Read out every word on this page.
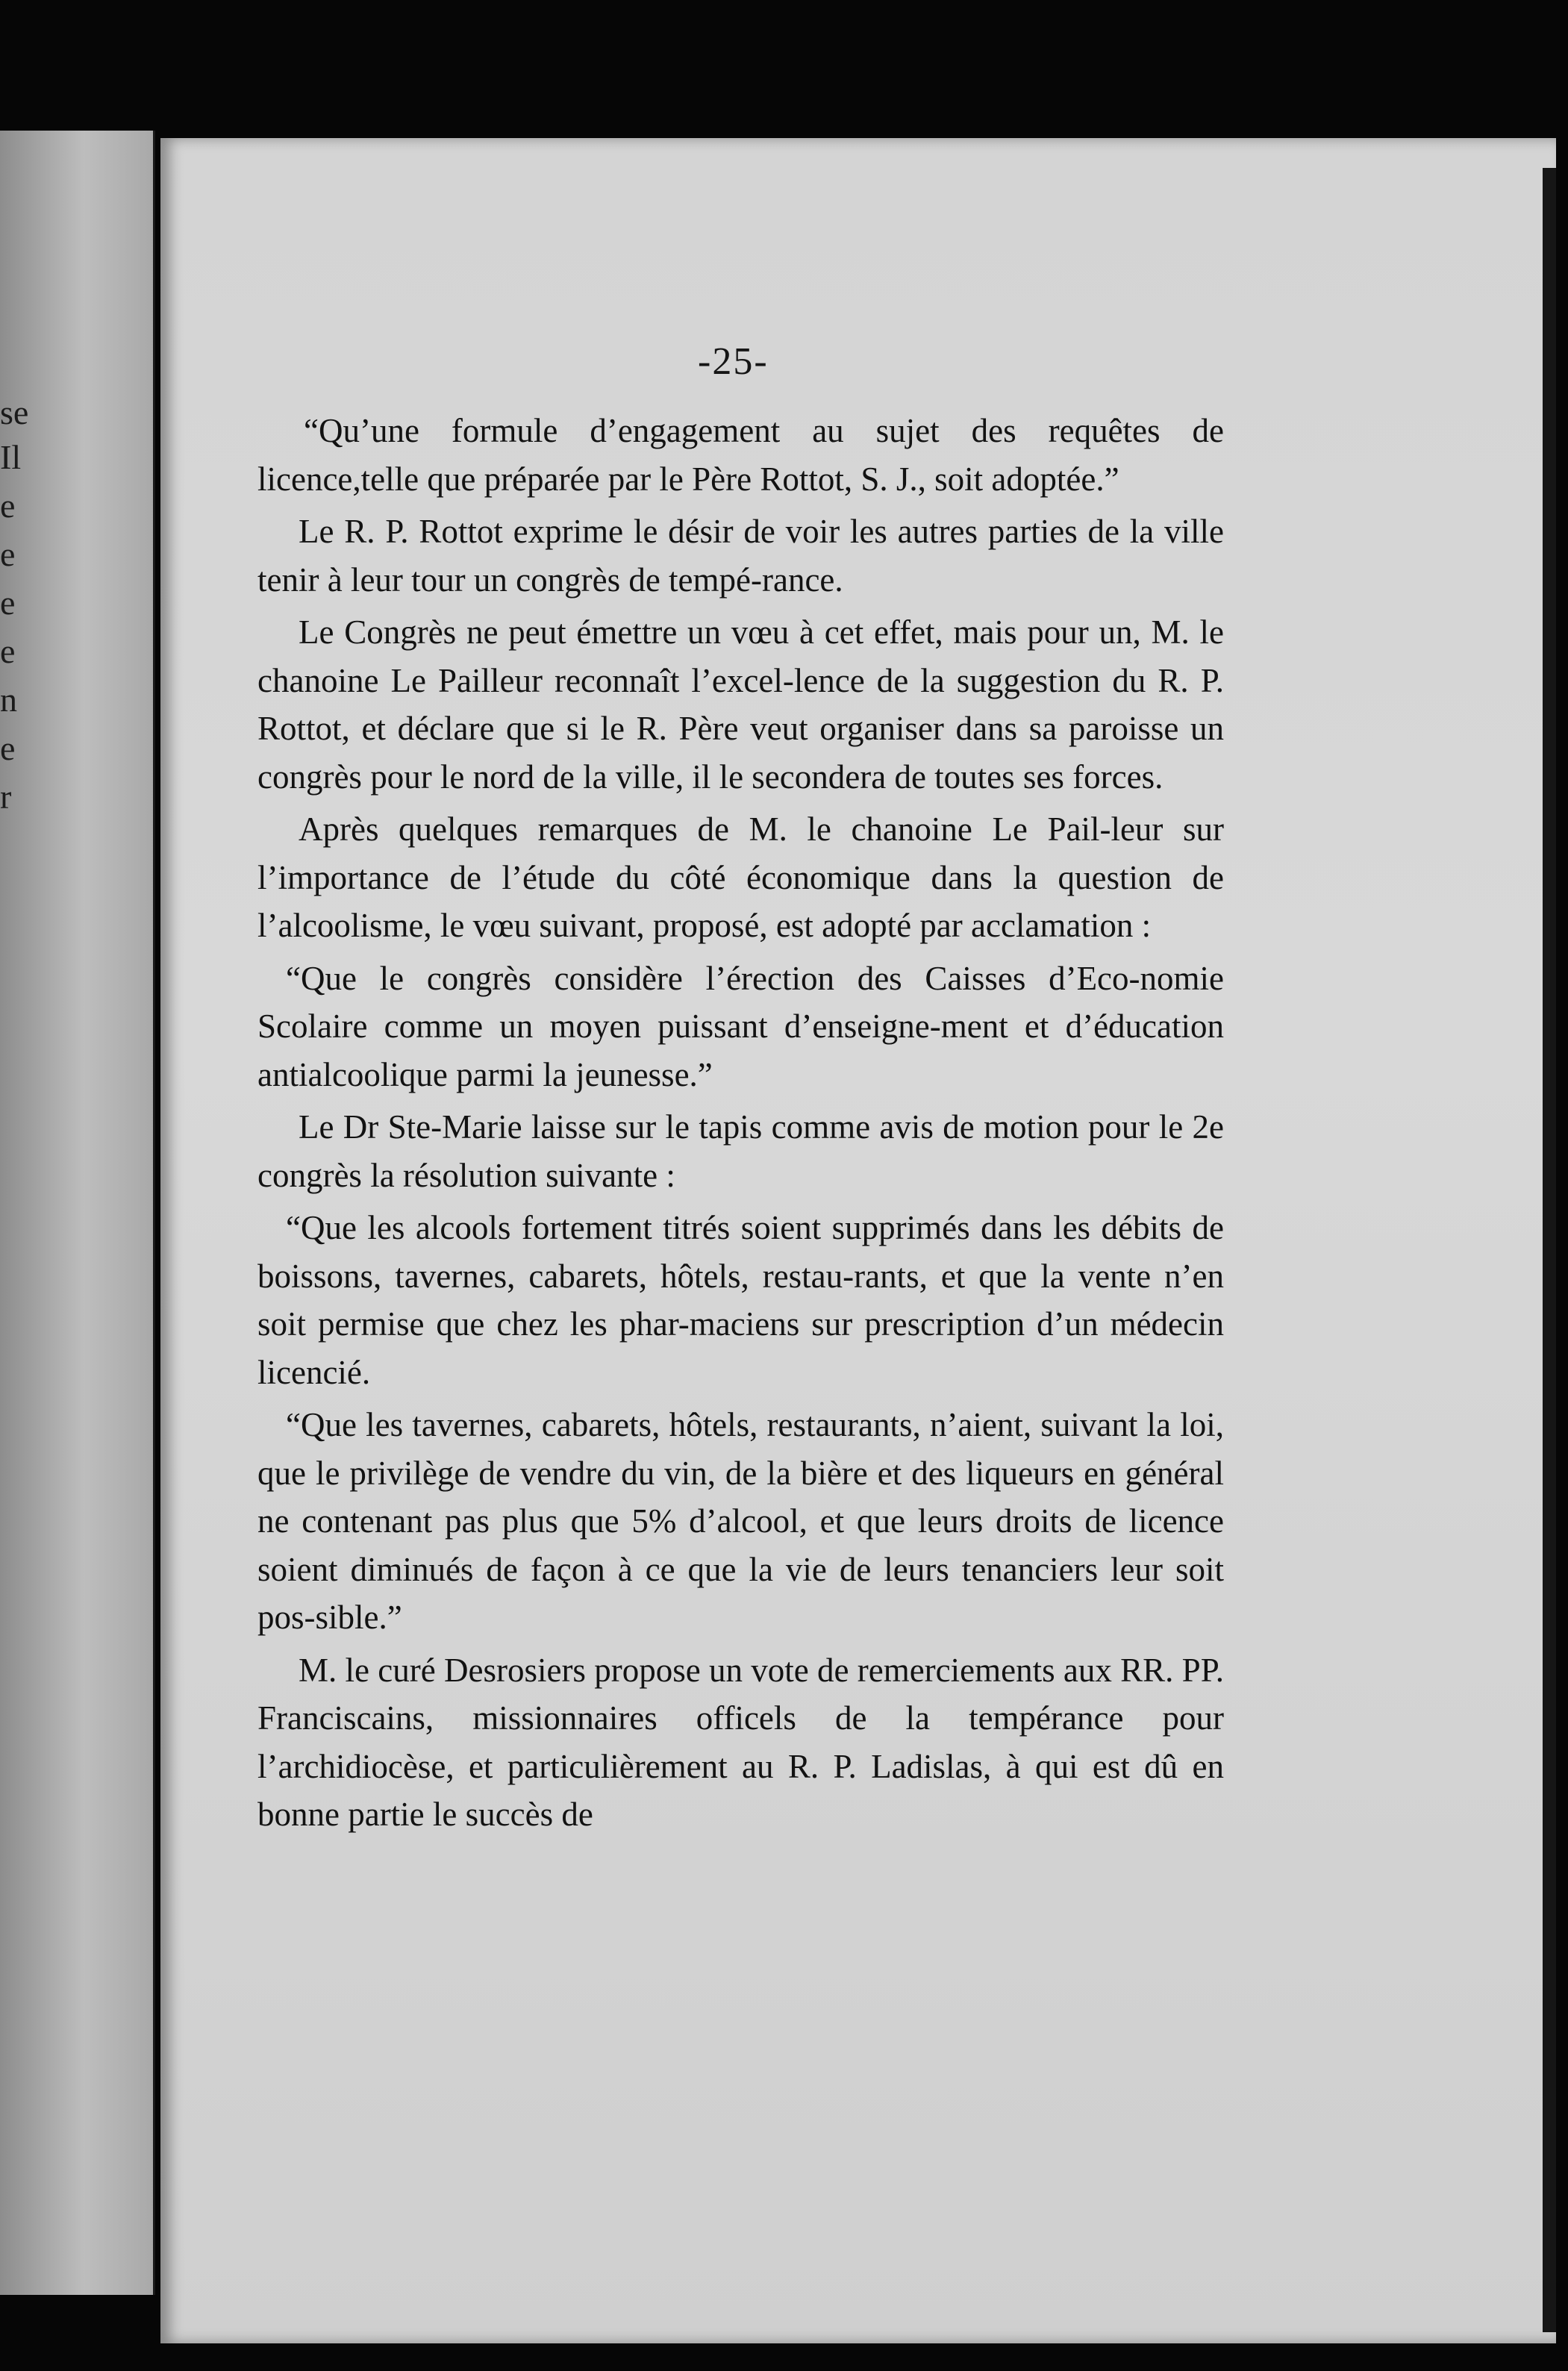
se
Il
e
e
e
e
n
e
r
-25-

“Qu’une formule d’engagement au sujet des requêtes de licence,telle que préparée par le Père Rottot, S. J., soit adoptée.”

Le R. P. Rottot exprime le désir de voir les autres parties de la ville tenir à leur tour un congrès de tempé-rance.

Le Congrès ne peut émettre un vœu à cet effet, mais pour un, M. le chanoine Le Pailleur reconnaît l’excel-lence de la suggestion du R. P. Rottot, et déclare que si le R. Père veut organiser dans sa paroisse un congrès pour le nord de la ville, il le secondera de toutes ses forces.

Après quelques remarques de M. le chanoine Le Pail-leur sur l’importance de l’étude du côté économique dans la question de l’alcoolisme, le vœu suivant, proposé, est adopté par acclamation :

“Que le congrès considère l’érection des Caisses d’Eco-nomie Scolaire comme un moyen puissant d’enseigne-ment et d’éducation antialcoolique parmi la jeunesse.”

Le Dr Ste-Marie laisse sur le tapis comme avis de motion pour le 2e congrès la résolution suivante :

“Que les alcools fortement titrés soient supprimés dans les débits de boissons, tavernes, cabarets, hôtels, restau-rants, et que la vente n’en soit permise que chez les phar-maciens sur prescription d’un médecin licencié.

“Que les tavernes, cabarets, hôtels, restaurants, n’aient, suivant la loi, que le privilège de vendre du vin, de la bière et des liqueurs en général ne contenant pas plus que 5% d’alcool, et que leurs droits de licence soient diminués de façon à ce que la vie de leurs tenanciers leur soit pos-sible.”

M. le curé Desrosiers propose un vote de remerciements aux RR. PP. Franciscains, missionnaires officels de la tempérance pour l’archidiocèse, et particulièrement au R. P. Ladislas, à qui est dû en bonne partie le succès de
